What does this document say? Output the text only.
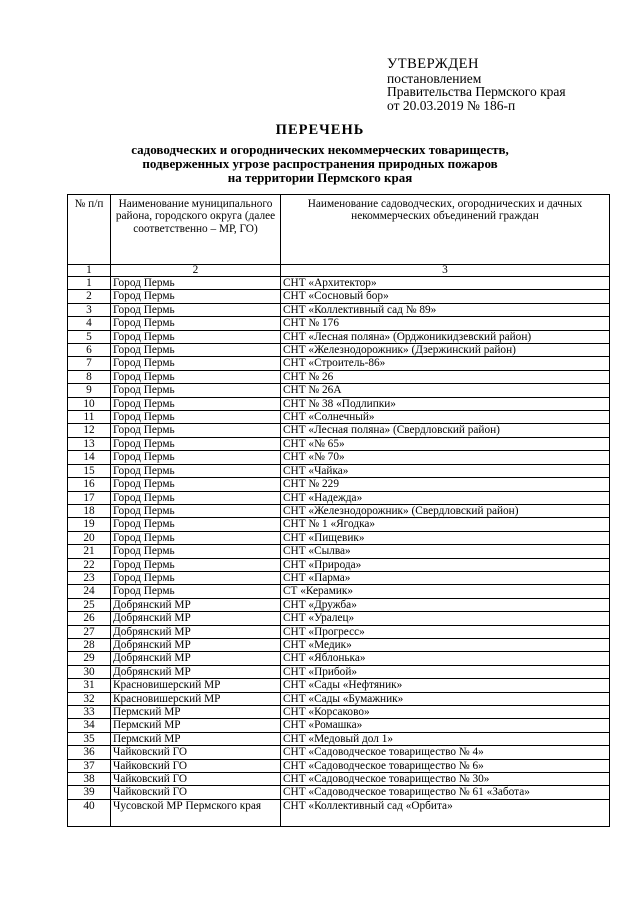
УТВЕРЖДЕН
постановлением
Правительства Пермского края
от 20.03.2019 № 186-п
ПЕРЕЧЕНЬ
садоводческих и огороднических некоммерческих товариществ,
подверженных угрозе распространения природных пожаров
на территории Пермского края
№ п/п	Наименование муниципального района, городского округа (далее соответственно – МР, ГО)	Наименование садоводческих, огороднических и дачных некоммерческих объединений граждан
1	2	3
1	Город Пермь	СНТ «Архитектор»
2	Город Пермь	СНТ «Сосновый бор»
3	Город Пермь	СНТ «Коллективный сад № 89»
4	Город Пермь	СНТ № 176
5	Город Пермь	СНТ «Лесная поляна» (Орджоникидзевский район)
6	Город Пермь	СНТ «Железнодорожник» (Дзержинский район)
7	Город Пермь	СНТ «Строитель-86»
8	Город Пермь	СНТ № 26
9	Город Пермь	СНТ № 26А
10	Город Пермь	СНТ № 38 «Подлипки»
11	Город Пермь	СНТ «Солнечный»
12	Город Пермь	СНТ «Лесная поляна» (Свердловский район)
13	Город Пермь	СНТ «№ 65»
14	Город Пермь	СНТ «№ 70»
15	Город Пермь	СНТ «Чайка»
16	Город Пермь	СНТ № 229
17	Город Пермь	СНТ «Надежда»
18	Город Пермь	СНТ «Железнодорожник» (Свердловский район)
19	Город Пермь	СНТ № 1 «Ягодка»
20	Город Пермь	СНТ «Пищевик»
21	Город Пермь	СНТ «Сылва»
22	Город Пермь	СНТ «Природа»
23	Город Пермь	СНТ «Парма»
24	Город Пермь	СТ «Керамик»
25	Добрянский МР	СНТ «Дружба»
26	Добрянский МР	СНТ «Уралец»
27	Добрянский МР	СНТ «Прогресс»
28	Добрянский МР	СНТ «Медик»
29	Добрянский МР	СНТ «Яблонька»
30	Добрянский МР	СНТ «Прибой»
31	Красновишерский МР	СНТ «Сады «Нефтяник»
32	Красновишерский МР	СНТ «Сады «Бумажник»
33	Пермский МР	СНТ «Корсаково»
34	Пермский МР	СНТ «Ромашка»
35	Пермский МР	СНТ «Медовый дол 1»
36	Чайковский ГО	СНТ «Садоводческое товарищество № 4»
37	Чайковский ГО	СНТ «Садоводческое товарищество № 6»
38	Чайковский ГО	СНТ «Садоводческое товарищество № 30»
39	Чайковский ГО	СНТ «Садоводческое товарищество № 61 «Забота»
40	Чусовской МР Пермского края	СНТ «Коллективный сад «Орбита»
